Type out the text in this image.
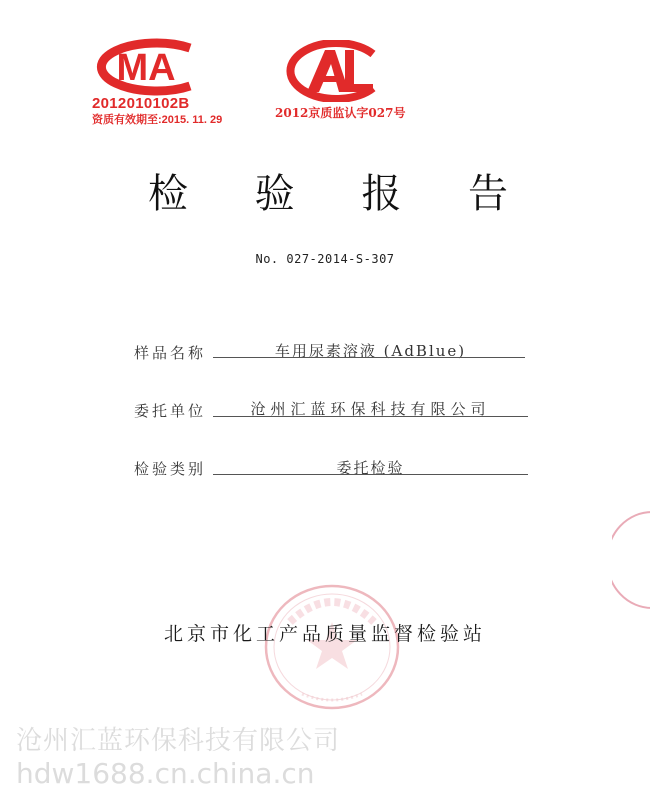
MA
2012010102B
资质有效期至:2015. 11. 29	2012京质监认字027号
检 验 报 告
No. 027-2014-S-307
样品名称	车用尿素溶液 (AdBlue)
委托单位	沧州汇蓝环保科技有限公司
检验类别	委托检验
北京市化工产品质量监督检验站
沧州汇蓝环保科技有限公司
hdw1688.cn.china.cn
